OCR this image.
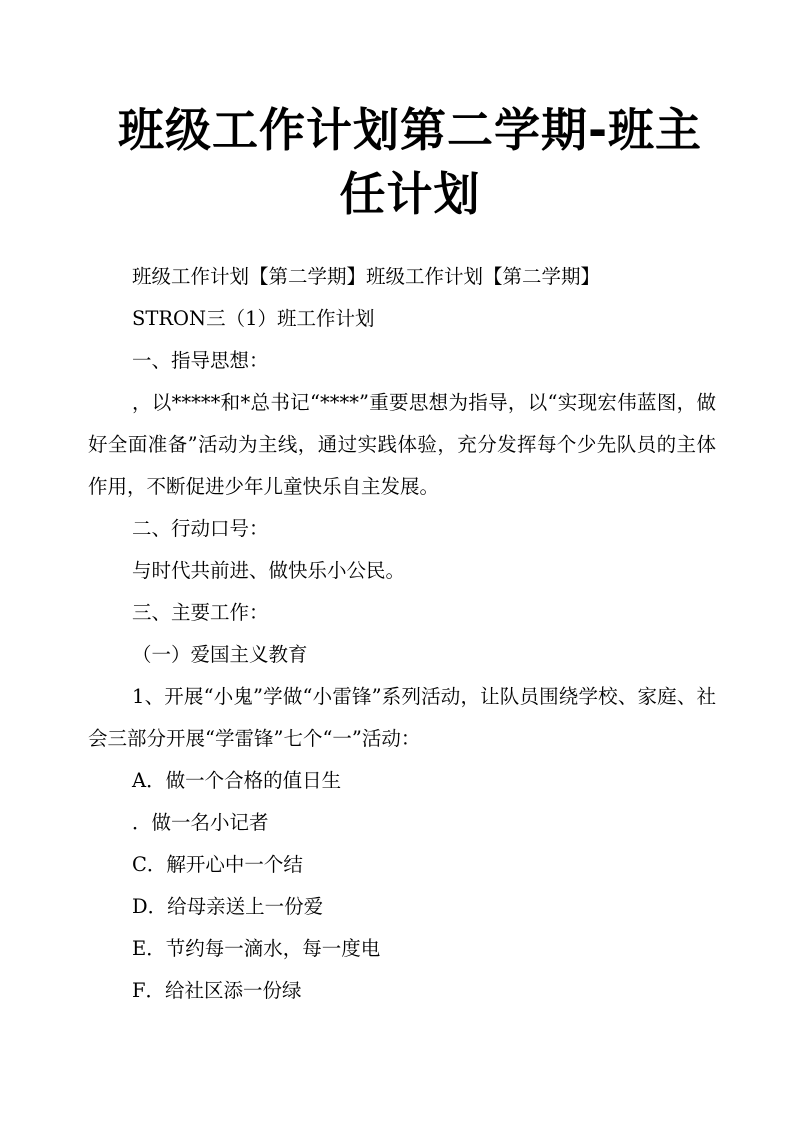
班级工作计划第二学期-班主
任计划

班级工作计划【第二学期】班级工作计划【第二学期】

STRON三（1）班工作计划

一、指导思想：

，以*****和*总书记“****”重要思想为指导，以“实现宏伟蓝图，做好全面准备”活动为主线，通过实践体验，充分发挥每个少先队员的主体作用，不断促进少年儿童快乐自主发展。

二、行动口号：

与时代共前进、做快乐小公民。

三、主要工作：

（一）爱国主义教育

1、开展“小鬼”学做“小雷锋”系列活动，让队员围绕学校、家庭、社会三部分开展“学雷锋”七个“一”活动：

A．做一个合格的值日生

．做一名小记者

C．解开心中一个结

D．给母亲送上一份爱

E．节约每一滴水，每一度电

F．给社区添一份绿
